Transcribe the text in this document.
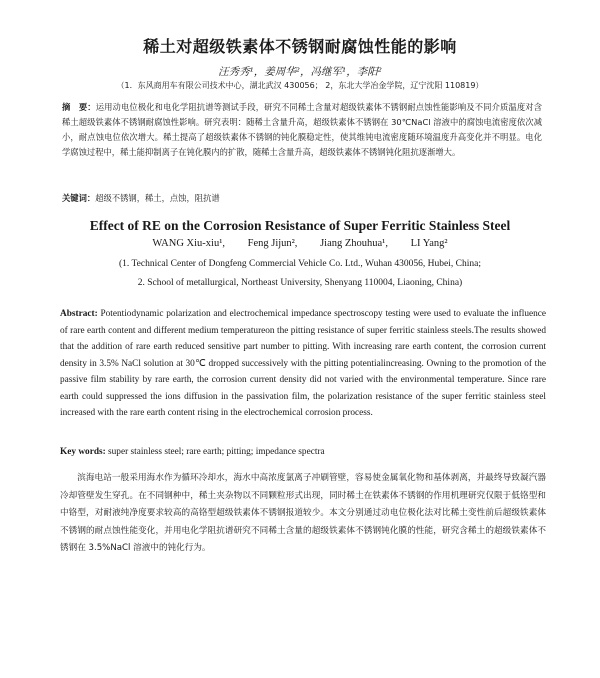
稀土对超级铁素体不锈钢耐腐蚀性能的影响
汪秀秀¹，姜周华²，冯继军¹，李阳²
（1．东风商用车有限公司技术中心，湖北武汉 430056； 2，东北大学冶金学院，辽宁沈阳 110819）
摘　要：运用动电位极化和电化学阻抗谱等测试手段，研究不同稀土含量对超级铁素体不锈钢耐点蚀性能影响及不同介质温度对含稀土超级铁素体不锈钢耐腐蚀性影响。研究表明：随稀土含量升高，超级铁素体不锈钢在 30℃NaCl 溶液中的腐蚀电流密度依次减小，耐点蚀电位依次增大。稀土提高了超级铁素体不锈钢的钝化膜稳定性，使其维钝电流密度随环境温度升高变化并不明显。电化学腐蚀过程中，稀土能抑制离子在钝化膜内的扩散，随稀土含量升高，超级铁素体不锈钢钝化阻抗逐渐增大。
关键词：超级不锈钢，稀土，点蚀，阻抗谱
Effect of RE on the Corrosion Resistance of Super Ferritic Stainless Steel
WANG Xiu-xiu¹, Feng Jijun², Jiang Zhouhua¹, LI Yang²
(1. Technical Center of Dongfeng Commercial Vehicle Co. Ltd., Wuhan 430056, Hubei, China;
2. School of metallurgical, Northeast University, Shenyang 110004, Liaoning, China)
Abstract: Potentiodynamic polarization and electrochemical impedance spectroscopy testing were used to evaluate the influence of rare earth content and different medium temperatureon the pitting resistance of super ferritic stainless steels.The results showed that the addition of rare earth reduced sensitive part number to pitting. With increasing rare earth content, the corrosion current density in 3.5% NaCl solution at 30℃ dropped successively with the pitting potentialincreasing. Owning to the promotion of the passive film stability by rare earth, the corrosion current density did not varied with the environmental temperature. Since rare earth could suppressed the ions diffusion in the passivation film, the polarization resistance of the super ferritic stainless steel increased with the rare earth content rising in the electrochemical corrosion process.
Key words: super stainless steel; rare earth; pitting; impedance spectra
滨海电站一般采用海水作为循环冷却水，海水中高浓度氯离子冲刷管壁，容易使金属氧化物和基体剥离，并最终导致凝汽器冷却管壁发生穿孔。在不同钢种中，稀土夹杂物以不同颗粒形式出现，同时稀土在铁素体不锈钢的作用机理研究仅限于低铬型和中铬型，对耐液纯净度要求较高的高铬型超级铁素体不锈钢报道较少。本文分别通过动电位极化法对比稀土变性前后超级铁素体不锈钢的耐点蚀性能变化，并用电化学阻抗谱研究不同稀土含量的超级铁素体不锈钢钝化膜的性能，研究含稀土的超级铁素体不锈钢在 3.5%NaCl 溶液中的钝化行为。
